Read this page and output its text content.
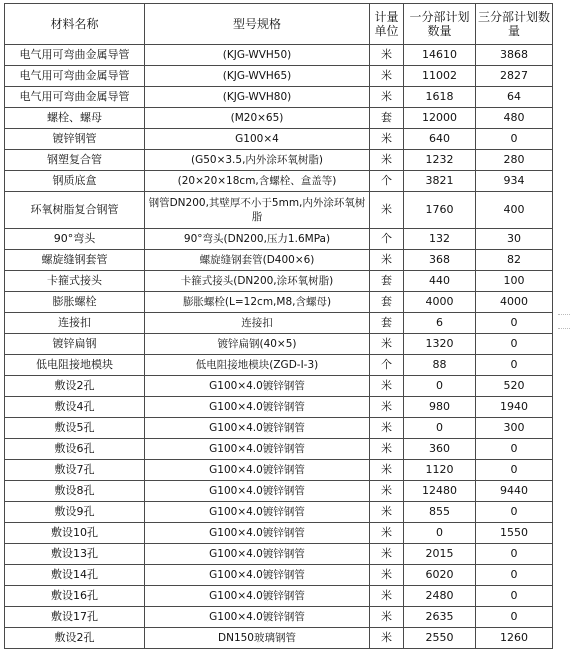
材料名称	型号规格	计量单位	一分部计划数量	三分部计划数量
电气用可弯曲金属导管	(KJG-WVH50)	米	14610	3868
电气用可弯曲金属导管	(KJG-WVH65)	米	11002	2827
电气用可弯曲金属导管	(KJG-WVH80)	米	1618	64
螺栓、螺母	(M20×65)	套	12000	480
镀锌钢管	G100×4	米	640	0
钢塑复合管	(G50×3.5,内外涂环氧树脂)	米	1232	280
钢质底盒	(20×20×18cm,含螺栓、盒盖等)	个	3821	934
环氧树脂复合钢管	钢管DN200,其壁厚不小于5mm,内外涂环氧树脂	米	1760	400
90°弯头	90°弯头(DN200,压力1.6MPa)	个	132	30
螺旋缝钢套管	螺旋缝钢套管(D400×6)	米	368	82
卡箍式接头	卡箍式接头(DN200,涂环氧树脂)	套	440	100
膨胀螺栓	膨胀螺栓(L=12cm,M8,含螺母)	套	4000	4000
连接扣	连接扣	套	6	0
镀锌扁钢	镀锌扁钢(40×5)	米	1320	0
低电阻接地模块	低电阻接地模块(ZGD-I-3)	个	88	0
敷设2孔	G100×4.0镀锌钢管	米	0	520
敷设4孔	G100×4.0镀锌钢管	米	980	1940
敷设5孔	G100×4.0镀锌钢管	米	0	300
敷设6孔	G100×4.0镀锌钢管	米	360	0
敷设7孔	G100×4.0镀锌钢管	米	1120	0
敷设8孔	G100×4.0镀锌钢管	米	12480	9440
敷设9孔	G100×4.0镀锌钢管	米	855	0
敷设10孔	G100×4.0镀锌钢管	米	0	1550
敷设13孔	G100×4.0镀锌钢管	米	2015	0
敷设14孔	G100×4.0镀锌钢管	米	6020	0
敷设16孔	G100×4.0镀锌钢管	米	2480	0
敷设17孔	G100×4.0镀锌钢管	米	2635	0
敷设2孔	DN150玻璃钢管	米	2550	1260
